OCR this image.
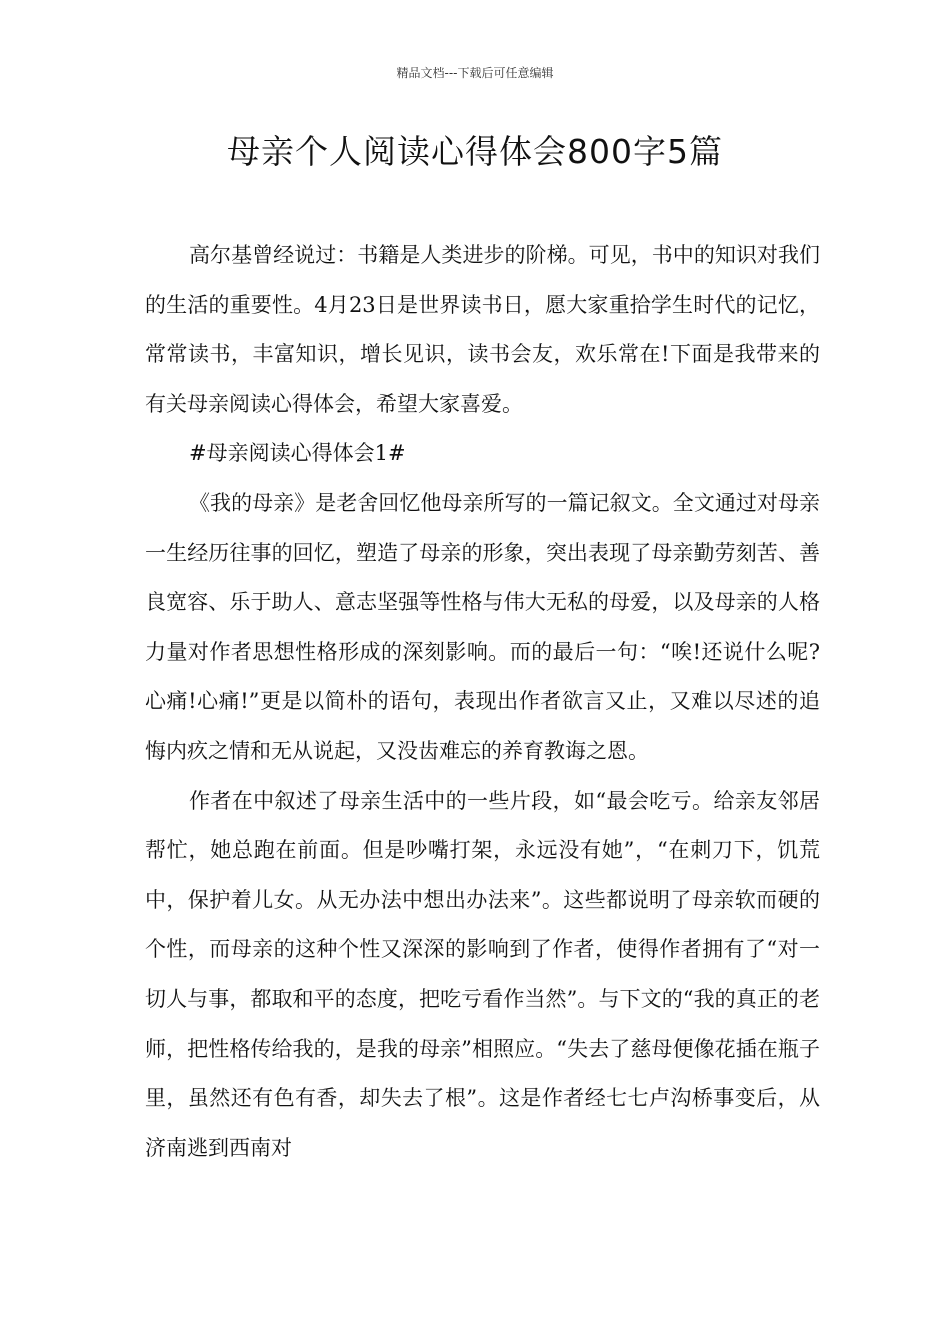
精品文档---下载后可任意编辑
母亲个人阅读心得体会800字5篇

高尔基曾经说过：书籍是人类进步的阶梯。可见，书中的知识对我们的生活的重要性。4月23日是世界读书日，愿大家重拾学生时代的记忆，常常读书，丰富知识，增长见识，读书会友，欢乐常在!下面是我带来的有关母亲阅读心得体会，希望大家喜爱。

#母亲阅读心得体会1#

《我的母亲》是老舍回忆他母亲所写的一篇记叙文。全文通过对母亲一生经历往事的回忆，塑造了母亲的形象，突出表现了母亲勤劳刻苦、善良宽容、乐于助人、意志坚强等性格与伟大无私的母爱，以及母亲的人格力量对作者思想性格形成的深刻影响。而的最后一句：“唉!还说什么呢?心痛!心痛!”更是以简朴的语句，表现出作者欲言又止，又难以尽述的追悔内疚之情和无从说起，又没齿难忘的养育教诲之恩。

作者在中叙述了母亲生活中的一些片段，如“最会吃亏。给亲友邻居帮忙，她总跑在前面。但是吵嘴打架，永远没有她”，“在刺刀下，饥荒中，保护着儿女。从无办法中想出办法来”。这些都说明了母亲软而硬的个性，而母亲的这种个性又深深的影响到了作者，使得作者拥有了“对一切人与事，都取和平的态度，把吃亏看作当然”。与下文的“我的真正的老师，把性格传给我的，是我的母亲”相照应。“失去了慈母便像花插在瓶子里，虽然还有色有香，却失去了根”。这是作者经七七卢沟桥事变后，从济南逃到西南对
